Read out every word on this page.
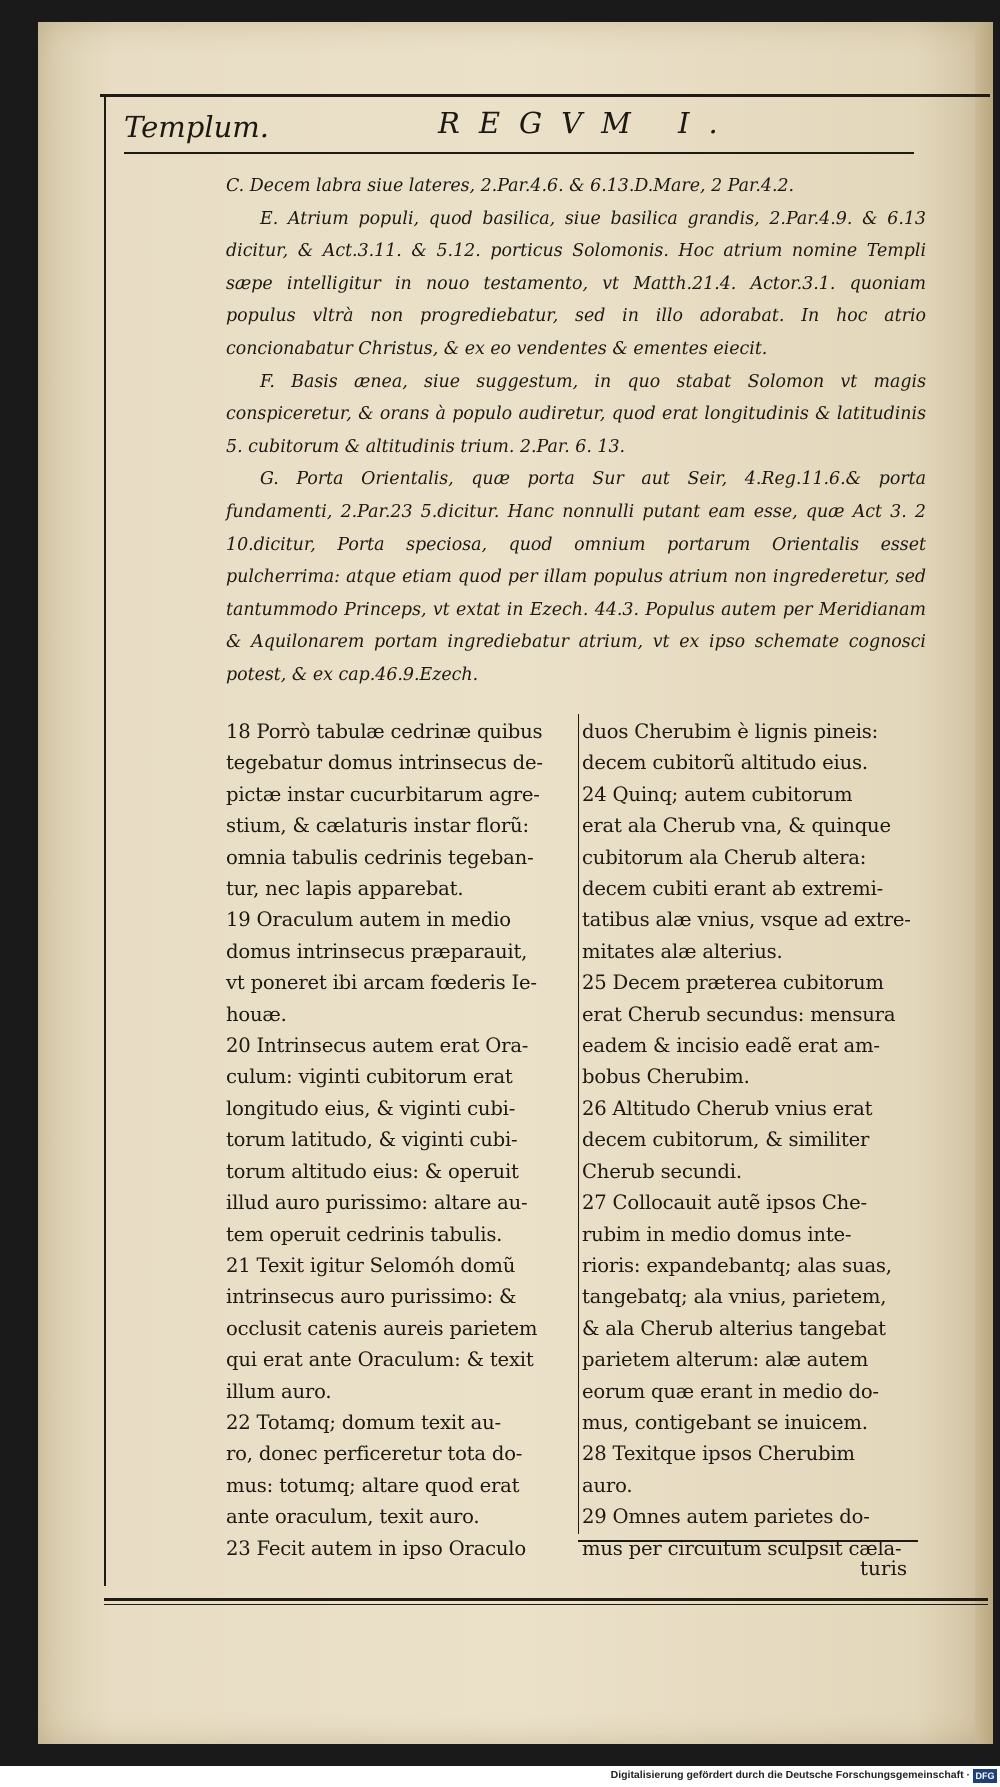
Templum.	REGVM I.

C. Decem labra siue lateres, 2.Par.4.6. & 6.13.D.Mare, 2 Par.4.2.

E. Atrium populi, quod basilica, siue basilica grandis, 2.Par.4.9. & 6.13 dicitur, & Act.3.11. & 5.12. porticus Solomonis. Hoc atrium nomine Templi sæpe intelligitur in nouo testamento, vt Matth.21.4. Actor.3.1. quoniam populus vltrà non progrediebatur, sed in illo adorabat. In hoc atrio concionabatur Christus, & ex eo vendentes & ementes eiecit.

F. Basis ænea, siue suggestum, in quo stabat Solomon vt magis conspiceretur, & orans à populo audiretur, quod erat longitudinis & latitudinis 5. cubitorum & altitudinis trium. 2.Par. 6. 13.

G. Porta Orientalis, quæ porta Sur aut Seir, 4.Reg.11.6.& porta fundamenti, 2.Par.23 5.dicitur. Hanc nonnulli putant eam esse, quæ Act 3. 2 10.dicitur, Porta speciosa, quod omnium portarum Orientalis esset pulcherrima: atque etiam quod per illam populus atrium non ingrederetur, sed tantummodo Princeps, vt extat in Ezech. 44.3. Populus autem per Meridianam & Aquilonarem portam ingrediebatur atrium, vt ex ipso schemate cognosci potest, & ex cap.46.9.Ezech.

18 Porrò tabulæ cedrinæ quibus

tegebatur domus intrinsecus de-

pictæ instar cucurbitarum agre-

stium, & cælaturis instar florũ:

omnia tabulis cedrinis tegeban-

tur, nec lapis apparebat.

19 Oraculum autem in medio

domus intrinsecus præparauit,

vt poneret ibi arcam fœderis Ie-

houæ.

20 Intrinsecus autem erat Ora-

culum: viginti cubitorum erat

longitudo eius, & viginti cubi-

torum latitudo, & viginti cubi-

torum altitudo eius: & operuit

illud auro purissimo: altare au-

tem operuit cedrinis tabulis.

21 Texit igitur Selomóh domũ

intrinsecus auro purissimo: &

occlusit catenis aureis parietem

qui erat ante Oraculum: & texit

illum auro.

22 Totamq; domum texit au-

ro, donec perficeretur tota do-

mus: totumq; altare quod erat

ante oraculum, texit auro.

23 Fecit autem in ipso Oraculo

duos Cherubim è lignis pineis:

decem cubitorũ altitudo eius.

24 Quinq; autem cubitorum

erat ala Cherub vna, & quinque

cubitorum ala Cherub altera:

decem cubiti erant ab extremi-

tatibus alæ vnius, vsque ad extre-

mitates alæ alterius.

25 Decem præterea cubitorum

erat Cherub secundus: mensura

eadem & incisio eadẽ erat am-

bobus Cherubim.

26 Altitudo Cherub vnius erat

decem cubitorum, & similiter

Cherub secundi.

27 Collocauit autẽ ipsos Che-

rubim in medio domus inte-

rioris: expandebantq; alas suas,

tangebatq; ala vnius, parietem,

& ala Cherub alterius tangebat

parietem alterum: alæ autem

eorum quæ erant in medio do-

mus, contigebant se inuicem.

28 Texitque ipsos Cherubim

auro.

29 Omnes autem parietes do-

mus per circuitum sculpsit cæla-

turis
Digitalisierung gefördert durch die Deutsche Forschungsgemeinschaft · DFG
